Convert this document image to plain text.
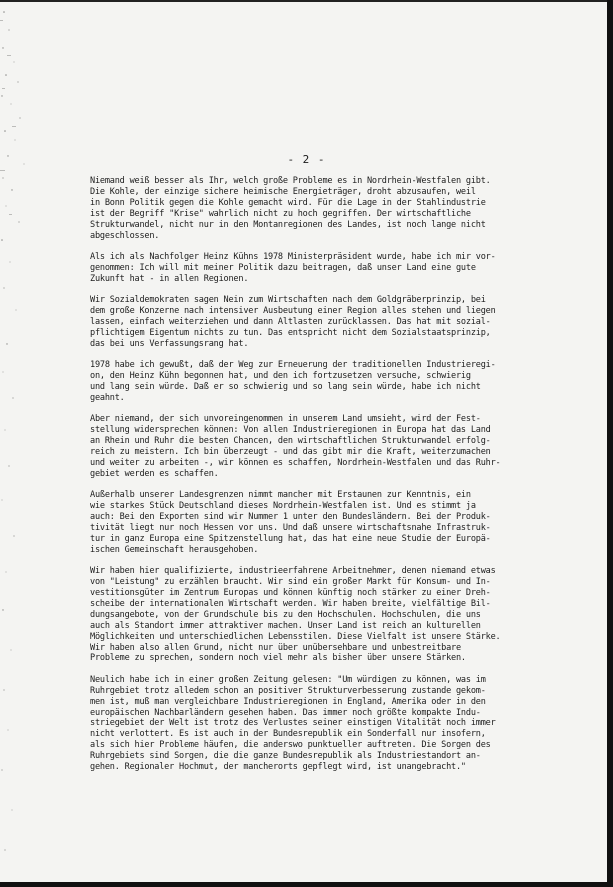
- 2 -
Niemand weiß besser als Ihr, welch große Probleme es in Nordrhein-Westfalen gibt.
Die Kohle, der einzige sichere heimische Energieträger, droht abzusaufen, weil
in Bonn Politik gegen die Kohle gemacht wird. Für die Lage in der Stahlindustrie
ist der Begriff "Krise" wahrlich nicht zu hoch gegriffen. Der wirtschaftliche
Strukturwandel, nicht nur in den Montanregionen des Landes, ist noch lange nicht
abgeschlossen.
Als ich als Nachfolger Heinz Kühns 1978 Ministerpräsident wurde, habe ich mir vor-
genommen: Ich will mit meiner Politik dazu beitragen, daß unser Land eine gute
Zukunft hat - in allen Regionen.
Wir Sozialdemokraten sagen Nein zum Wirtschaften nach dem Goldgräberprinzip, bei
dem große Konzerne nach intensiver Ausbeutung einer Region alles stehen und liegen
lassen, einfach weiterziehen und dann Altlasten zurücklassen. Das hat mit sozial-
pflichtigem Eigentum nichts zu tun. Das entspricht nicht dem Sozialstaatsprinzip,
das bei uns Verfassungsrang hat.
1978 habe ich gewußt, daß der Weg zur Erneuerung der traditionellen Industrieregi-
on, den Heinz Kühn begonnen hat, und den ich fortzusetzen versuche, schwierig
und lang sein würde. Daß er so schwierig und so lang sein würde, habe ich nicht
geahnt.
Aber niemand, der sich unvoreingenommen in unserem Land umsieht, wird der Fest-
stellung widersprechen können: Von allen Industrieregionen in Europa hat das Land
an Rhein und Ruhr die besten Chancen, den wirtschaftlichen Strukturwandel erfolg-
reich zu meistern. Ich bin überzeugt - und das gibt mir die Kraft, weiterzumachen
und weiter zu arbeiten -, wir können es schaffen, Nordrhein-Westfalen und das Ruhr-
gebiet werden es schaffen.
Außerhalb unserer Landesgrenzen nimmt mancher mit Erstaunen zur Kenntnis, ein
wie starkes Stück Deutschland dieses Nordrhein-Westfalen ist. Und es stimmt ja
auch: Bei den Exporten sind wir Nummer 1 unter den Bundesländern. Bei der Produk-
tivität liegt nur noch Hessen vor uns. Und daß unsere wirtschaftsnahe Infrastruk-
tur in ganz Europa eine Spitzenstellung hat, das hat eine neue Studie der Europä-
ischen Gemeinschaft herausgehoben.
Wir haben hier qualifizierte, industrieerfahrene Arbeitnehmer, denen niemand etwas
von "Leistung" zu erzählen braucht. Wir sind ein großer Markt für Konsum- und In-
vestitionsgüter im Zentrum Europas und können künftig noch stärker zu einer Dreh-
scheibe der internationalen Wirtschaft werden. Wir haben breite, vielfältige Bil-
dungsangebote, von der Grundschule bis zu den Hochschulen. Hochschulen, die uns
auch als Standort immer attraktiver machen. Unser Land ist reich an kulturellen
Möglichkeiten und unterschiedlichen Lebensstilen. Diese Vielfalt ist unsere Stärke.
Wir haben also allen Grund, nicht nur über unübersehbare und unbestreitbare
Probleme zu sprechen, sondern noch viel mehr als bisher über unsere Stärken.
Neulich habe ich in einer großen Zeitung gelesen: "Um würdigen zu können, was im
Ruhrgebiet trotz alledem schon an positiver Strukturverbesserung zustande gekom-
men ist, muß man vergleichbare Industrieregionen in England, Amerika oder in den
europäischen Nachbarländern gesehen haben. Das immer noch größte kompakte Indu-
striegebiet der Welt ist trotz des Verlustes seiner einstigen Vitalität noch immer
nicht verlottert. Es ist auch in der Bundesrepublik ein Sonderfall nur insofern,
als sich hier Probleme häufen, die anderswo punktueller auftreten. Die Sorgen des
Ruhrgebiets sind Sorgen, die die ganze Bundesrepublik als Industriestandort an-
gehen. Regionaler Hochmut, der mancherorts gepflegt wird, ist unangebracht."
